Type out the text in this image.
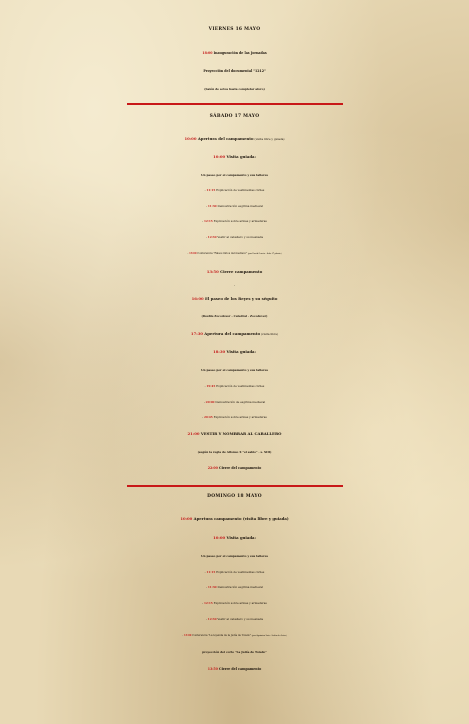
VIERNES 16 MAYO
18:00 Inauguración de las Jornadas
Proyección del documental "1212"
(Salón de actos hasta completar aforo)
SÁBADO 17 MAYO
10:00 Apertura del campamento (visita libre y guiada)
10:00 Visita guiada:
Un paseo por el campamento y sus talleres
- 11:15 Explicación de vestimentas civiles
- 11:30 Demostración esgrima medieval
- 12:15 Explicación sobre armas y armaduras
- 12:30 Vestir al caballero y su mesnada
- 13:00 Conferencia "Falsos mitos del medievo" (por David García - Aula 1ª planta)
13:50 Cierre campamento
-
16:00 El paseo de los Reyes y su séquito
(Desfile Zocodover - Catedral - Zocodover)
17:30 Apertura del campamento (visita libre)
18:30 Visita guiada:
Un paseo por el campamento y sus talleres
- 19:45 Explicación de vestimentas civiles
- 20:00 Demostración de esgrima medieval
- 20:45 Explicación sobre armas y armaduras
21:00 VESTIR Y NOMBRAR AL CABALLERO
(según la regla de Alfonso X "el sabio" - s. XIII)
22:00 Cierre del campamento
DOMINGO 18 MAYO
10:00 Apertura campamento (visita libre y guiada)
10:00 Visita guiada:
Un paseo por el campamento y sus talleres
- 11:15 Explicación de vestimentas civiles
- 11:30 Demostración esgrima medieval
- 12:15 Explicación sobre armas y armaduras
- 12:30 Vestir al caballero y su mesnada
- 13:00 Conferencia "La leyenda de la judía de Toledo" (por Agrimiro Saiz - Salón de Actos)
proyección del corto "La Judía de Toledo"
13:50 Cierre del campamento
